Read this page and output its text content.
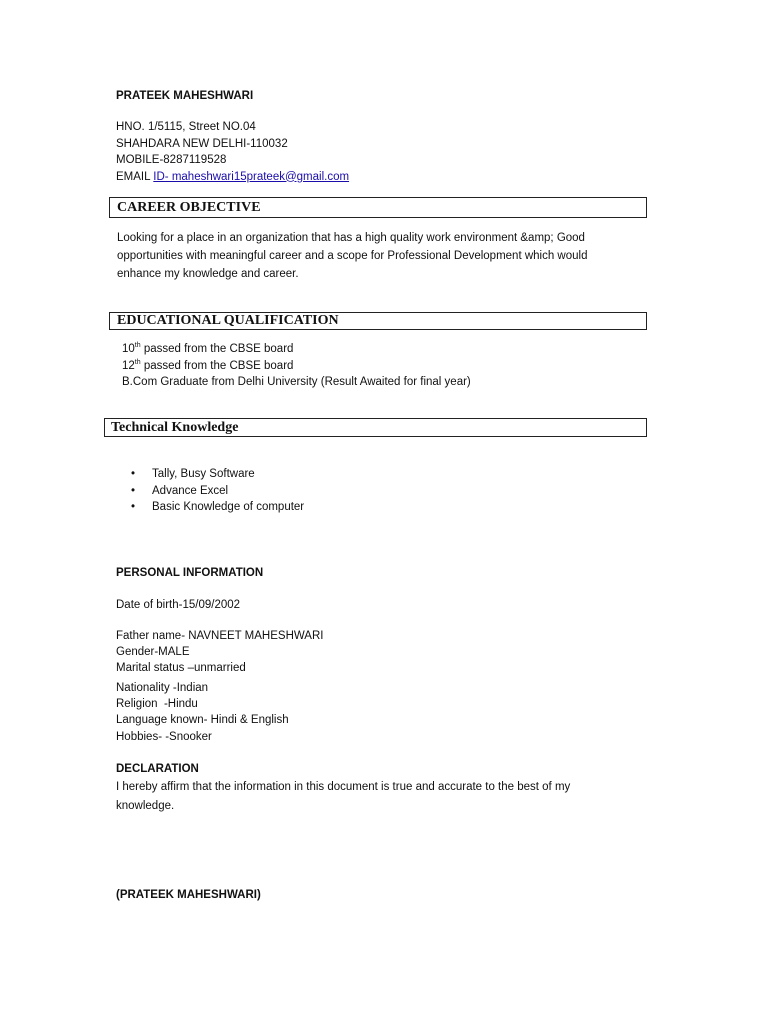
PRATEEK MAHESHWARI
HNO. 1/5115, Street NO.04
SHAHDARA NEW DELHI-110032
MOBILE-8287119528
EMAIL ID- maheshwari15prateek@gmail.com
CAREER OBJECTIVE
Looking for a place in an organization that has a high quality work environment &amp; Good opportunities with meaningful career and a scope for Professional Development which would enhance my knowledge and career.
EDUCATIONAL QUALIFICATION
10th passed from the CBSE board
12th passed from the CBSE board
B.Com Graduate from Delhi University (Result Awaited for final year)
Technical Knowledge
• Tally, Busy Software
• Advance Excel
• Basic Knowledge of computer
PERSONAL INFORMATION
Date of birth-15/09/2002
Father name- NAVNEET MAHESHWARI
Gender-MALE
Marital status –unmarried
Nationality -Indian
Religion  -Hindu
Language known- Hindi & English
Hobbies- -Snooker
DECLARATION
I hereby affirm that the information in this document is true and accurate to the best of my knowledge.
(PRATEEK MAHESHWARI)
